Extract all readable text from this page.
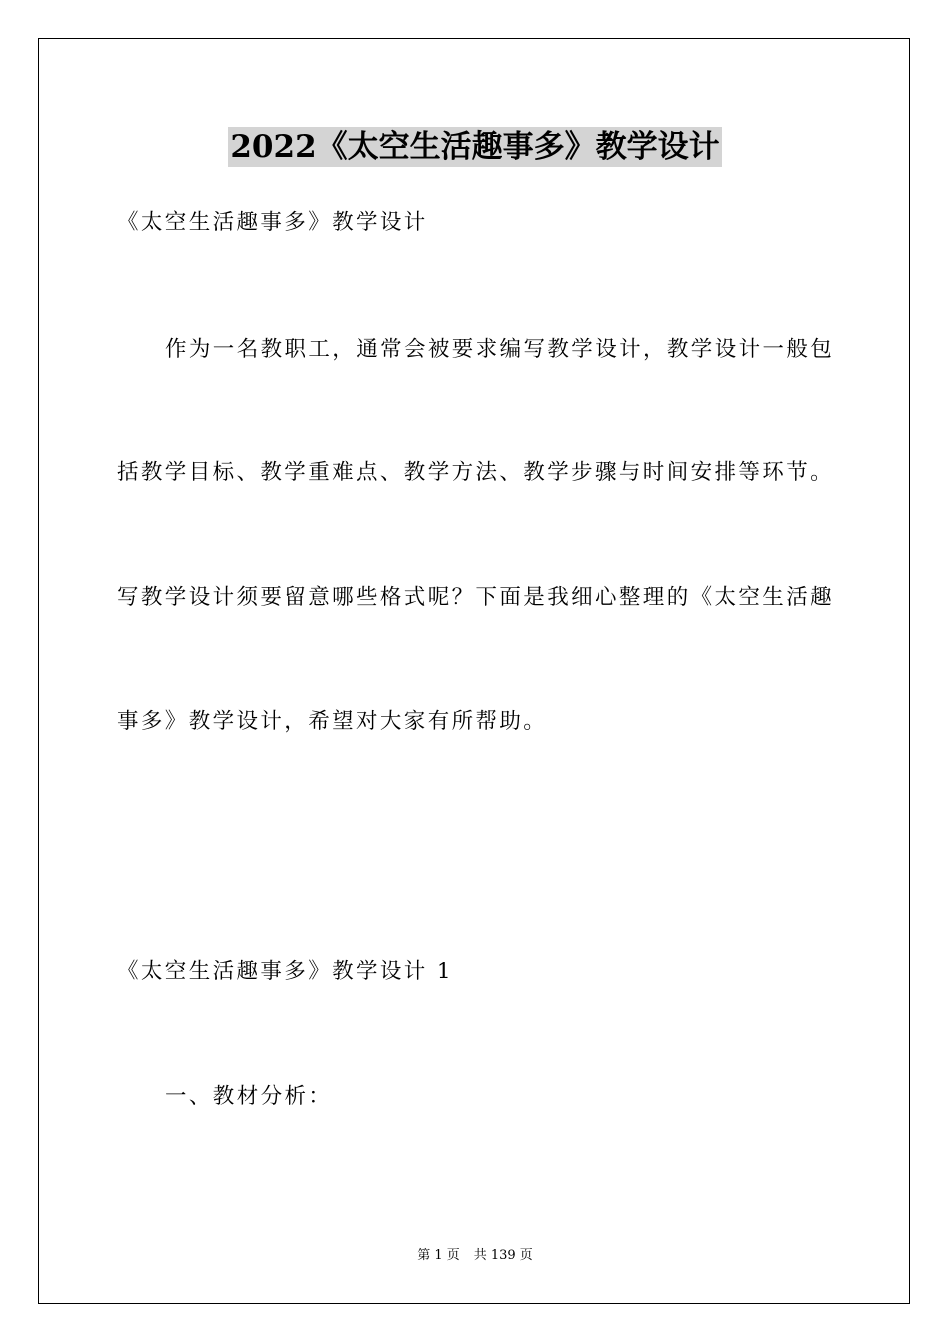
2022《太空生活趣事多》教学设计
《太空生活趣事多》教学设计
作为一名教职工，通常会被要求编写教学设计，教学设计一般包
括教学目标、教学重难点、教学方法、教学步骤与时间安排等环节。
写教学设计须要留意哪些格式呢？下面是我细心整理的《太空生活趣
事多》教学设计，希望对大家有所帮助。
《太空生活趣事多》教学设计 1
一、教材分析：
第 1 页 共 139 页
